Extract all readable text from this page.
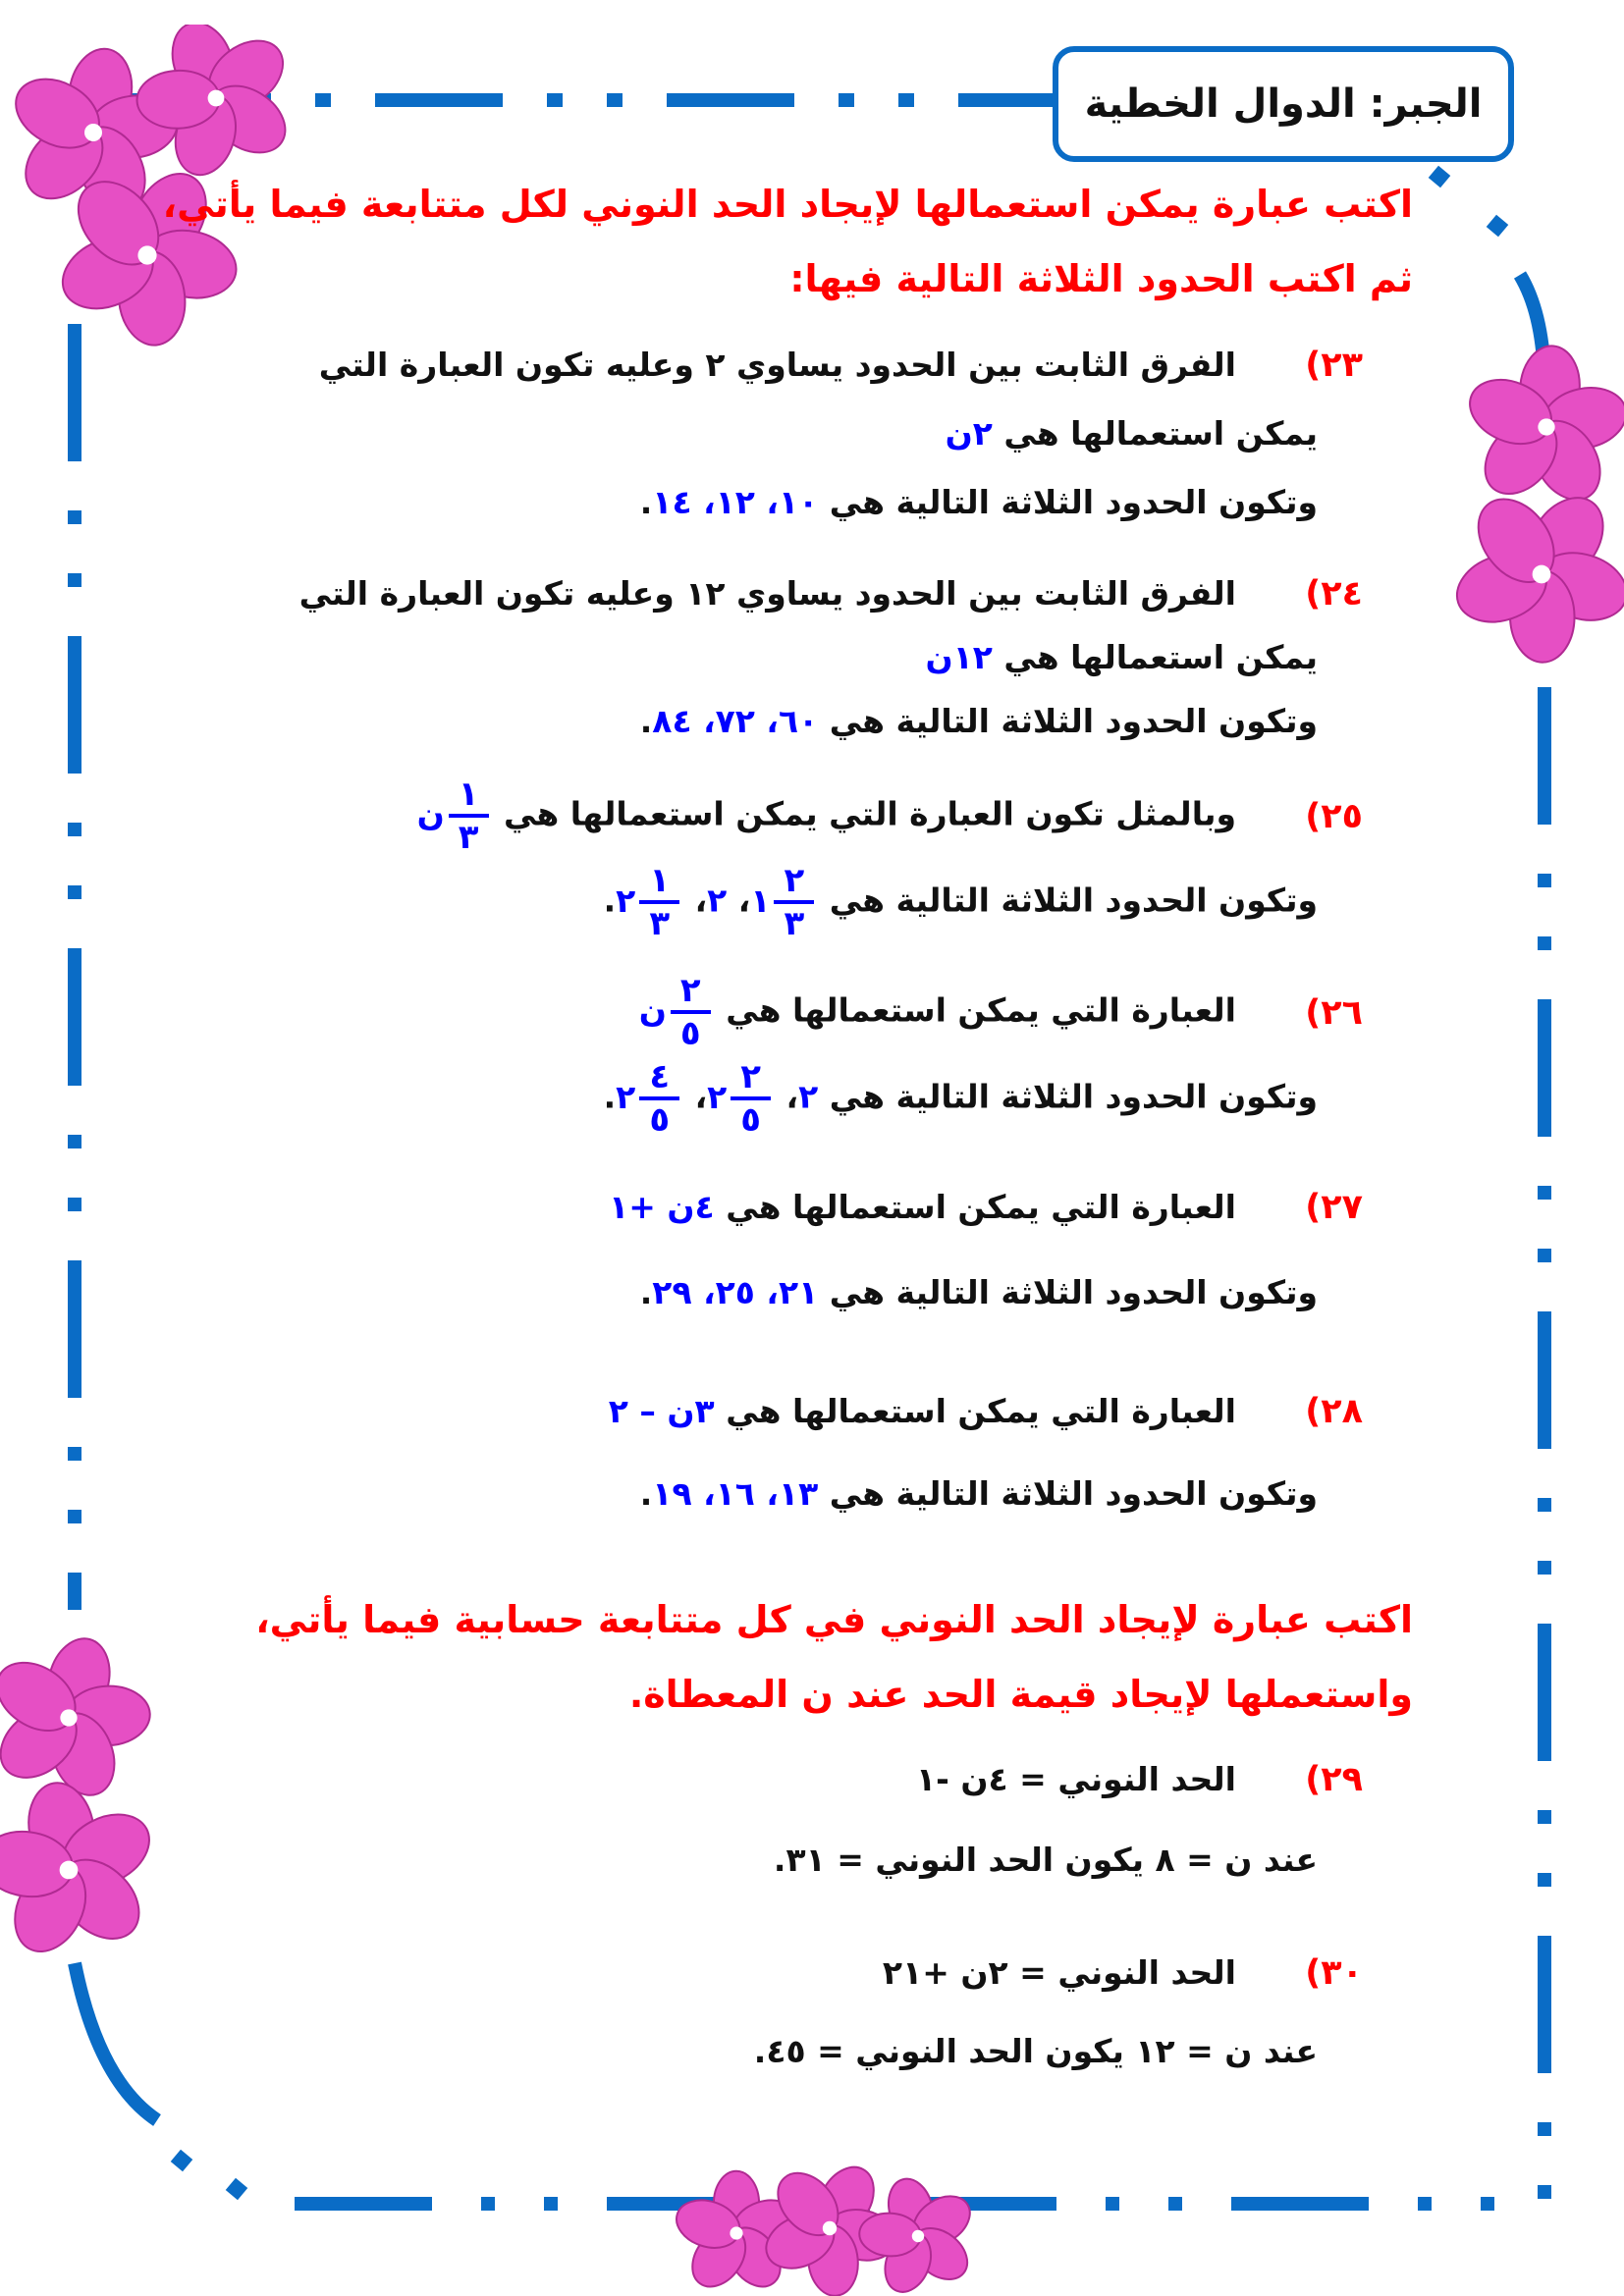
الجبر: الدوال الخطية
اكتب عبارة يمكن استعمالها لإيجاد الحد النوني لكل متتابعة فيما يأتي،
ثم اكتب الحدود الثلاثة التالية فيها:
٢٣)
الفرق الثابت بين الحدود يساوي ٢ وعليه تكون العبارة التي
يمكن استعمالها هي ٢ن
وتكون الحدود الثلاثة التالية هي ١٠، ١٢، ١٤.
٢٤)
الفرق الثابت بين الحدود يساوي ١٢ وعليه تكون العبارة التي
يمكن استعمالها هي ١٢ن
وتكون الحدود الثلاثة التالية هي ٦٠، ٧٢، ٨٤.
٢٥)
وبالمثل تكون العبارة التي يمكن استعمالها هي
$\frac{١}{٣}$
ن
وتكون الحدود الثلاثة التالية هي
$\frac{٢}{٣}$
١، ٢،
$\frac{١}{٣}$
٢.
٢٦)
العبارة التي يمكن استعمالها هي
$\frac{٢}{٥}$
ن
وتكون الحدود الثلاثة التالية هي ٢،
$\frac{٢}{٥}$
٢،
$\frac{٤}{٥}$
٢.
٢٧)
العبارة التي يمكن استعمالها هي ٤ن +١
وتكون الحدود الثلاثة التالية هي ٢١، ٢٥، ٢٩.
٢٨)
العبارة التي يمكن استعمالها هي ٣ن – ٢
وتكون الحدود الثلاثة التالية هي ١٣، ١٦، ١٩.
اكتب عبارة لإيجاد الحد النوني في كل متتابعة حسابية فيما يأتي،
واستعملها لإيجاد قيمة الحد عند ن المعطاة.
٢٩)
الحد النوني = ٤ن -١
عند ن = ٨ يكون الحد النوني = ٣١.
٣٠)
الحد النوني = ٢ن +٢١
عند ن = ١٢ يكون الحد النوني = ٤٥.
